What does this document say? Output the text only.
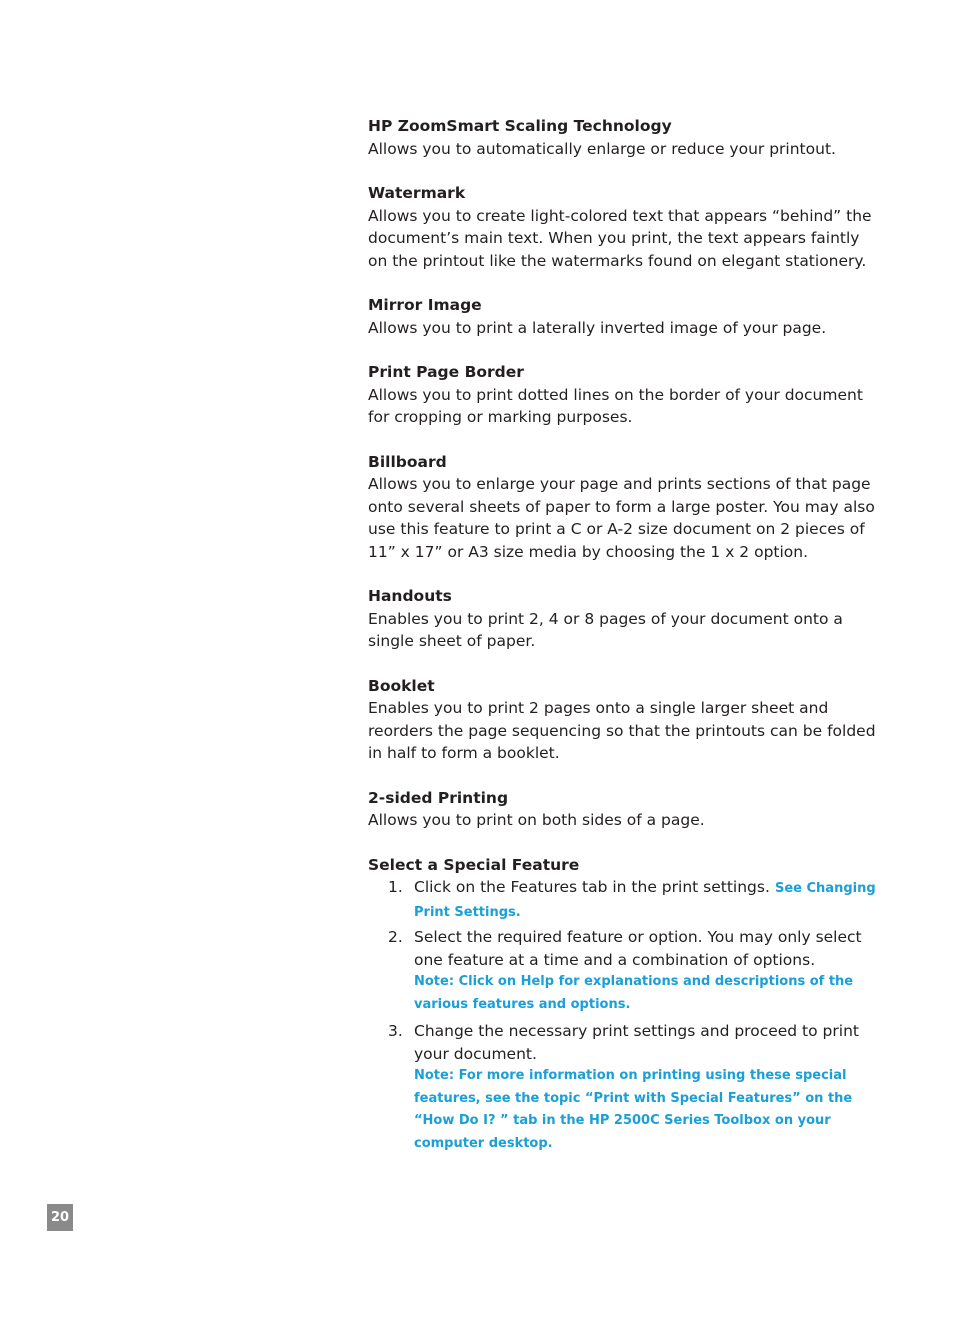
HP ZoomSmart Scaling Technology

Allows you to automatically enlarge or reduce your printout.

Watermark

Allows you to create light-colored text that appears “behind” the document’s main text. When you print, the text appears faintly on the printout like the watermarks found on elegant stationery.

Mirror Image

Allows you to print a laterally inverted image of your page.

Print Page Border

Allows you to print dotted lines on the border of your document for cropping or marking purposes.

Billboard

Allows you to enlarge your page and prints sections of that page onto several sheets of paper to form a large poster. You may also use this feature to print a C or A-2 size document on 2 pieces of 11” x 17” or A3 size media by choosing the 1 x 2 option.

Handouts

Enables you to print 2, 4 or 8 pages of your document onto a single sheet of paper.

Booklet

Enables you to print 2 pages onto a single larger sheet and reorders the page sequencing so that the printouts can be folded in half to form a booklet.

2-sided Printing

Allows you to print on both sides of a page.

Select a Special Feature

1. Click on the Features tab in the print settings. See Changing Print Settings.
2. Select the required feature or option. You may only select one feature at a time and a combination of options.
Note: Click on Help for explanations and descriptions of the various features and options.
3. Change the necessary print settings and proceed to print your document.
Note: For more information on printing using these special features, see the topic “Print with Special Features” on the “How Do I? ” tab in the HP 2500C Series Toolbox on your computer desktop.
20
